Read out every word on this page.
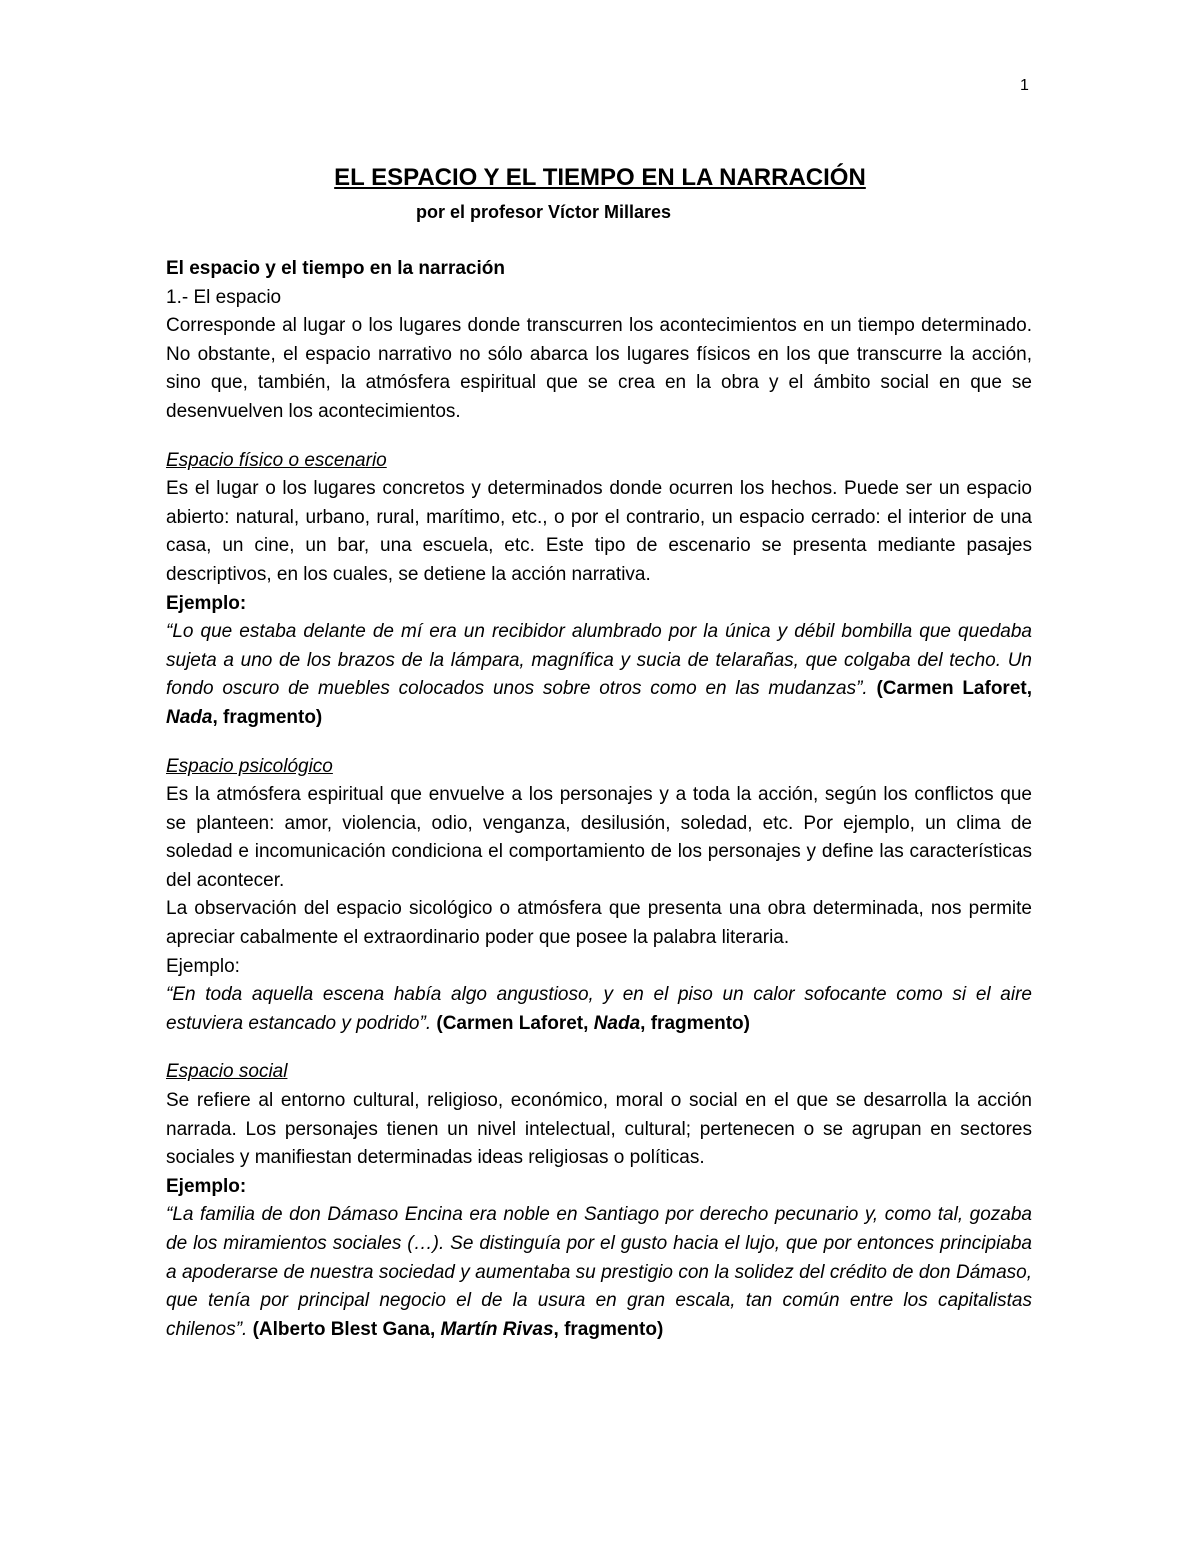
1
EL ESPACIO Y EL TIEMPO EN LA NARRACIÓN
por el profesor Víctor Millares

El espacio y el tiempo en la narración

1.- El espacio

Corresponde al lugar o los lugares donde transcurren los acontecimientos en un tiempo determinado. No obstante, el espacio narrativo no sólo abarca los lugares físicos en los que transcurre la acción, sino que, también, la atmósfera espiritual que se crea en la obra y el ámbito social en que se desenvuelven los acontecimientos.

Espacio físico o escenario

Es el lugar o los lugares concretos y determinados donde ocurren los hechos. Puede ser un espacio abierto: natural, urbano, rural, marítimo, etc., o por el contrario, un espacio cerrado: el interior de una casa, un cine, un bar, una escuela, etc. Este tipo de escenario se presenta mediante pasajes descriptivos, en los cuales, se detiene la acción narrativa.

Ejemplo:

“Lo que estaba delante de mí era un recibidor alumbrado por la única y débil bombilla que quedaba sujeta a uno de los brazos de la lámpara, magnífica y sucia de telarañas, que colgaba del techo. Un fondo oscuro de muebles colocados unos sobre otros como en las mudanzas”. (Carmen Laforet, Nada, fragmento)

Espacio psicológico

Es la atmósfera espiritual que envuelve a los personajes y a toda la acción, según los conflictos que se planteen: amor, violencia, odio, venganza, desilusión, soledad, etc. Por ejemplo, un clima de soledad e incomunicación condiciona el comportamiento de los personajes y define las características del acontecer.

La observación del espacio sicológico o atmósfera que presenta una obra determinada, nos permite apreciar cabalmente el extraordinario poder que posee la palabra literaria.

Ejemplo:

“En toda aquella escena había algo angustioso, y en el piso un calor sofocante como si el aire estuviera estancado y podrido”. (Carmen Laforet, Nada, fragmento)

Espacio social

Se refiere al entorno cultural, religioso, económico, moral o social en el que se desarrolla la acción narrada. Los personajes tienen un nivel intelectual, cultural; pertenecen o se agrupan en sectores sociales y manifiestan determinadas ideas religiosas o políticas.

Ejemplo:

“La familia de don Dámaso Encina era noble en Santiago por derecho pecunario y, como tal, gozaba de los miramientos sociales (…). Se distinguía por el gusto hacia el lujo, que por entonces principiaba a apoderarse de nuestra sociedad y aumentaba su prestigio con la solidez del crédito de don Dámaso, que tenía por principal negocio el de la usura en gran escala, tan común entre los capitalistas chilenos”. (Alberto Blest Gana, Martín Rivas, fragmento)
